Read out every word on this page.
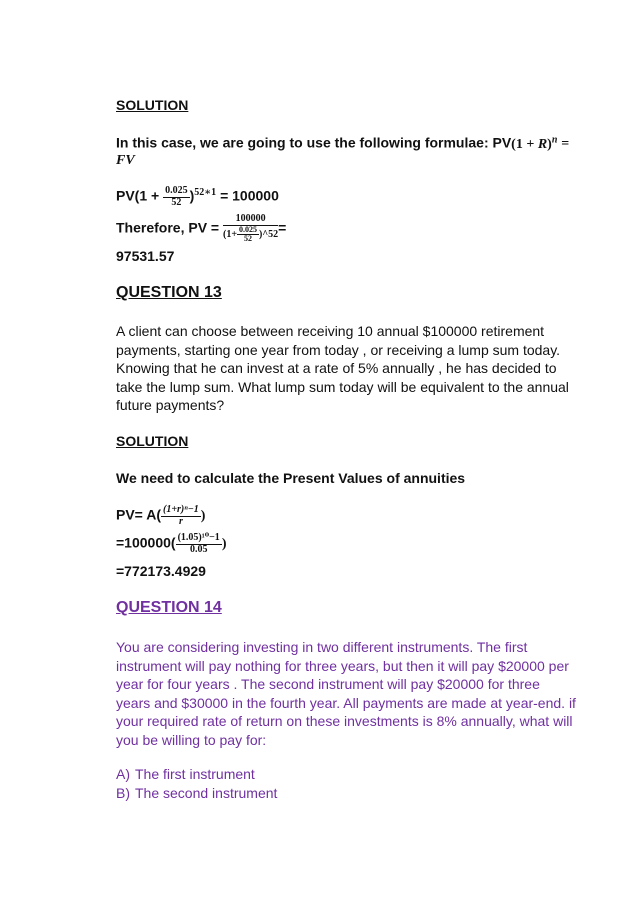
SOLUTION
In this case, we are going to use the following formulae: $PV(1 + R)^n$ =
FV
$PV(1 + \frac{0.025}{52} )^{52∗1} = 100000$
Therefore, PV = $\frac{100000}{(1+ \frac{0.025}{52} )\^{}52}$ =
97531.57
QUESTION 13
A client can choose between receiving 10 annual $100000 retirement payments, starting one year from today , or receiving a lump sum today. Knowing that he can invest at a rate of 5% annually , he has decided to take the lump sum. What lump sum today will be equivalent to the annual future payments?
SOLUTION
We need to calculate the Present Values of annuities
$PV= A( \frac{\text{(1+r)ⁿ−1}}{r}$ )
$=100000( \frac{\text{(1.05)¹⁰−1}}{0.05}$ )
=772173.4929
QUESTION 14
You are considering investing in two different instruments. The first instrument will pay nothing for three years, but then it will pay $20000 per year for four years . The second instrument will pay $20000 for three years and $30000 in the fourth year. All payments are made at year-end. if your required rate of return on these investments is 8% annually, what will you be willing to pay for:
A) The first instrument
B) The second instrument
